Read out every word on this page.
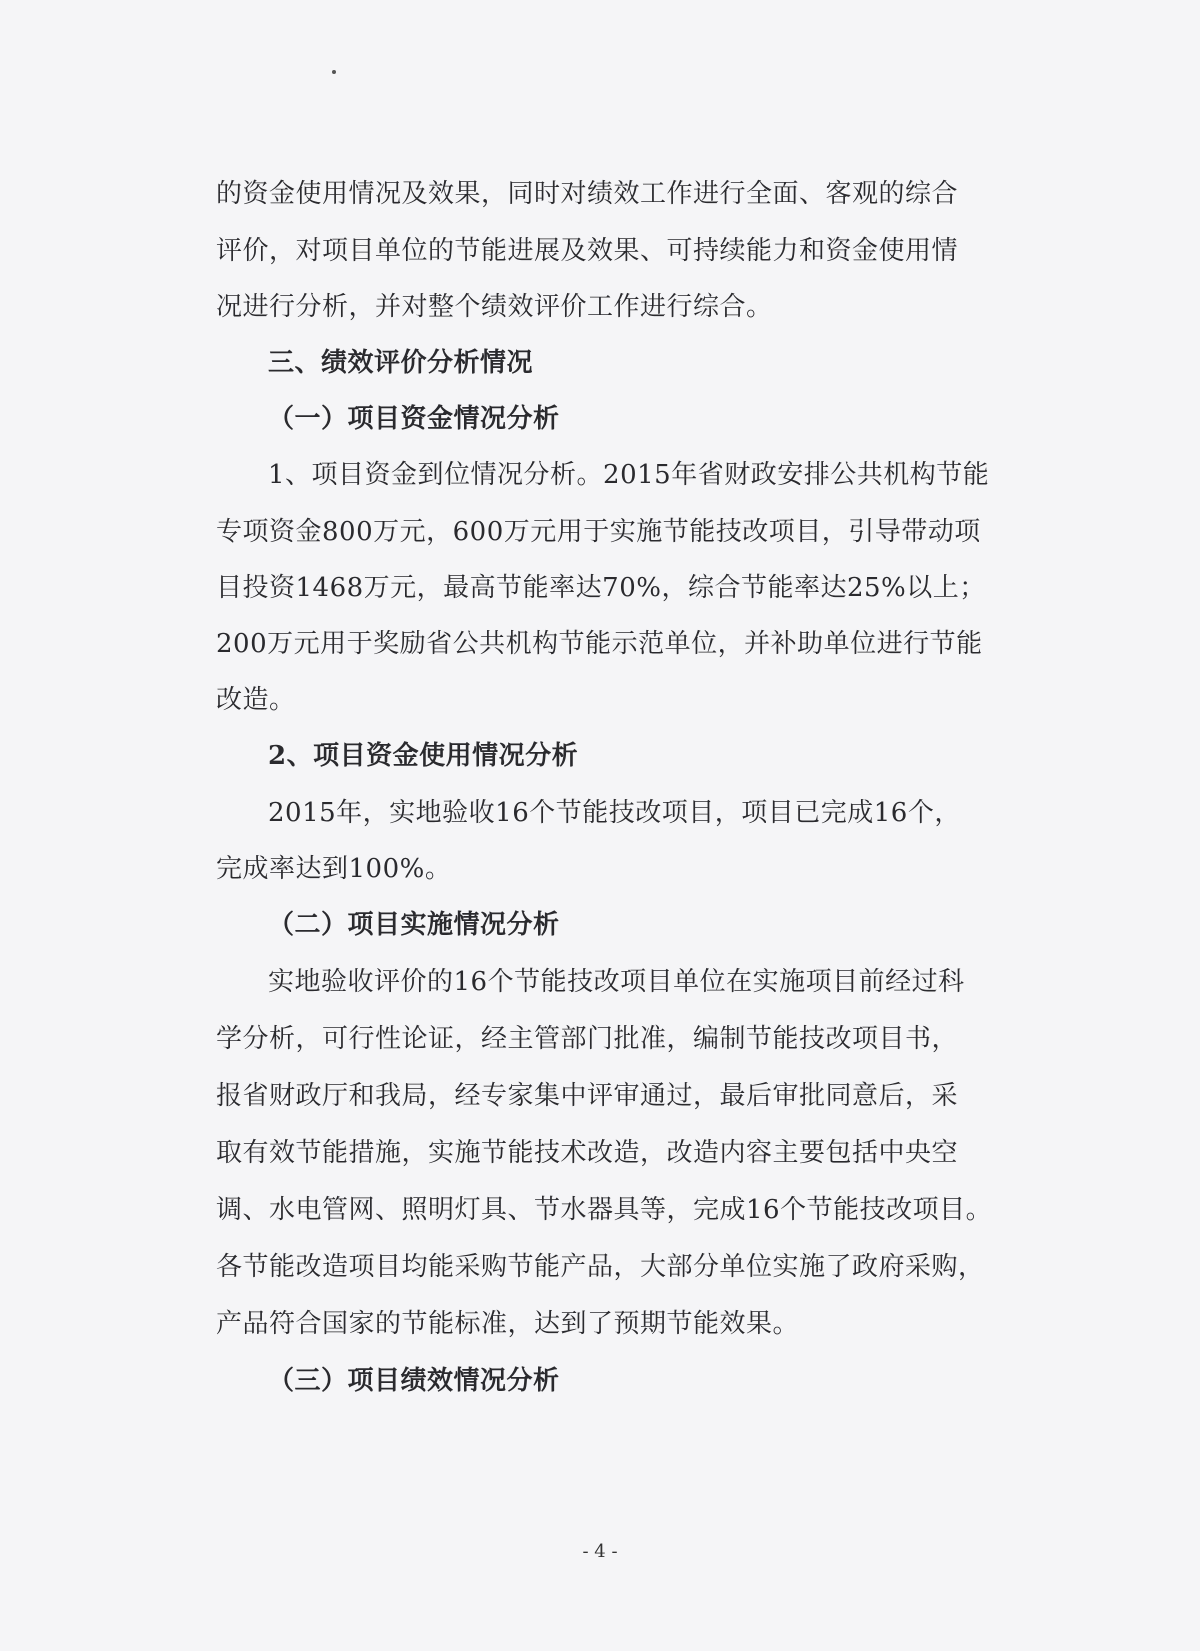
的资金使用情况及效果，同时对绩效工作进行全面、客观的综合
评价，对项目单位的节能进展及效果、可持续能力和资金使用情
况进行分析，并对整个绩效评价工作进行综合。
三、绩效评价分析情况
（一）项目资金情况分析
1、项目资金到位情况分析。2015年省财政安排公共机构节能
专项资金800万元，600万元用于实施节能技改项目，引导带动项
目投资1468万元，最高节能率达70%，综合节能率达25%以上；
200万元用于奖励省公共机构节能示范单位，并补助单位进行节能
改造。
2、项目资金使用情况分析
2015年，实地验收16个节能技改项目，项目已完成16个，
完成率达到100%。
（二）项目实施情况分析
实地验收评价的16个节能技改项目单位在实施项目前经过科
学分析，可行性论证，经主管部门批准，编制节能技改项目书，
报省财政厅和我局，经专家集中评审通过，最后审批同意后，采
取有效节能措施，实施节能技术改造，改造内容主要包括中央空
调、水电管网、照明灯具、节水器具等，完成16个节能技改项目。
各节能改造项目均能采购节能产品，大部分单位实施了政府采购，
产品符合国家的节能标准，达到了预期节能效果。
（三）项目绩效情况分析
- 4 -
